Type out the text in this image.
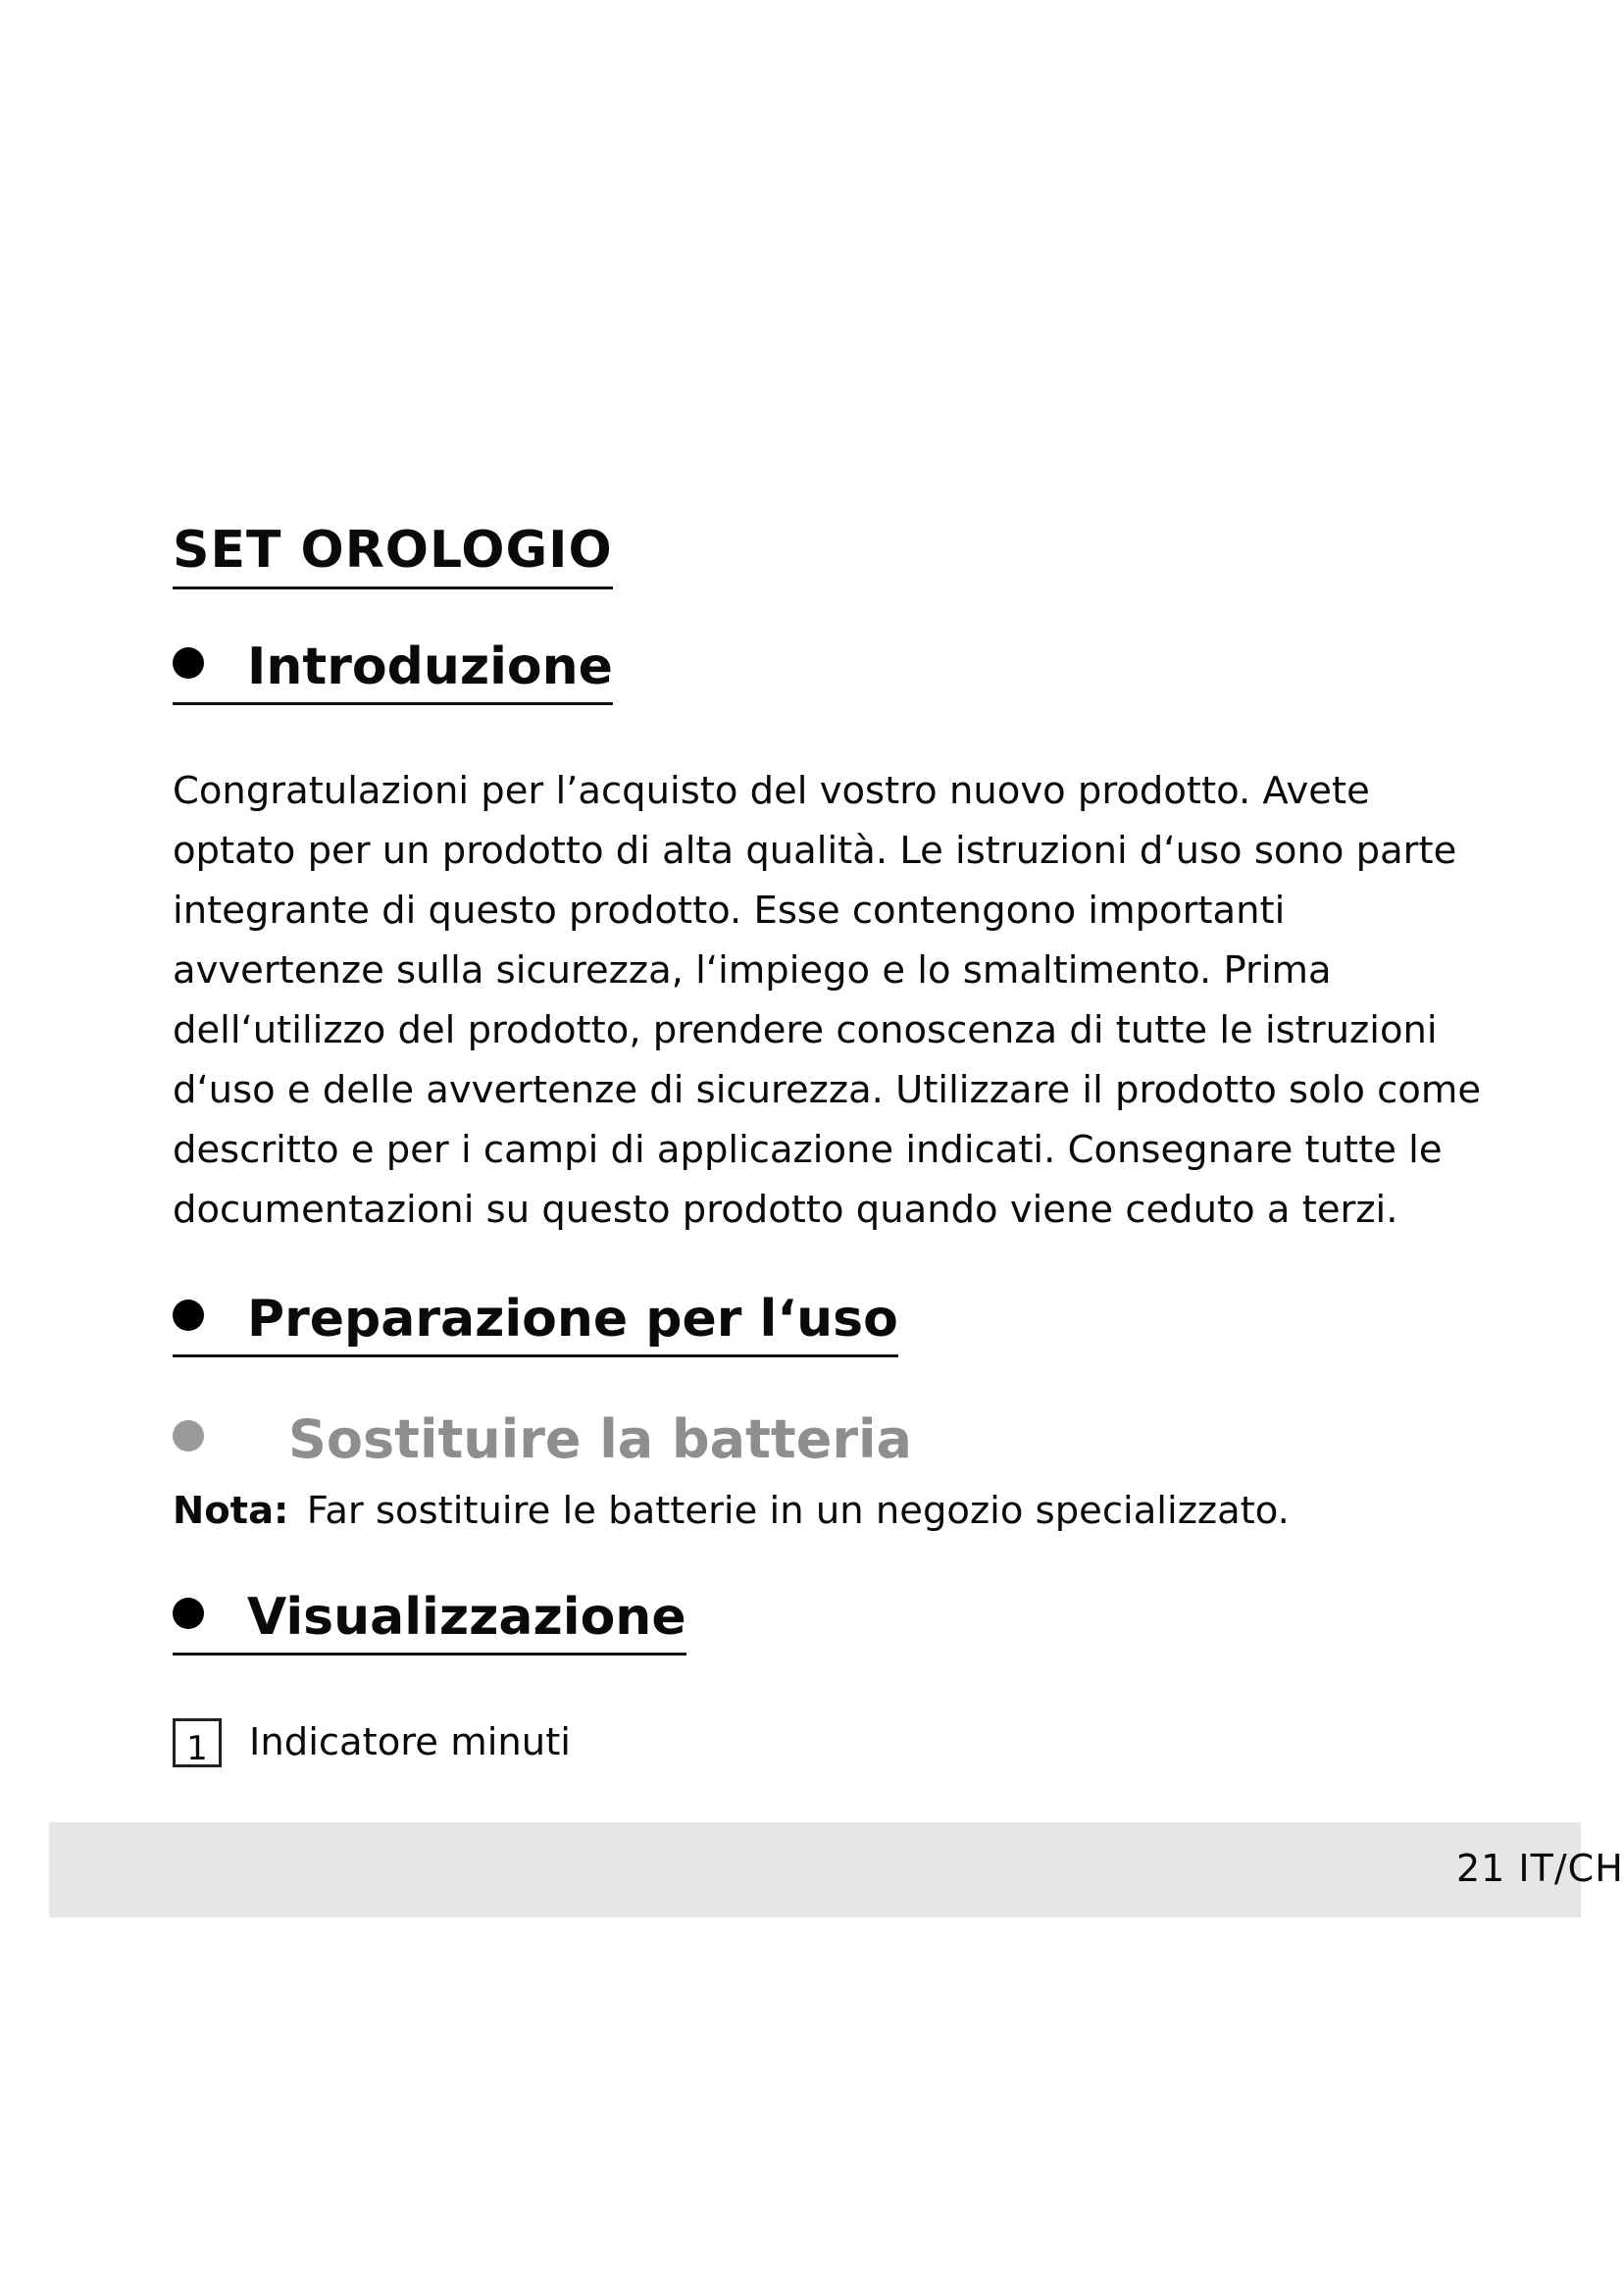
SET OROLOGIO
Introduzione

Congratulazioni per l’acquisto del vostro nuovo prodotto. Avete optato per un prodotto di alta qualità. Le istruzioni d‘uso sono parte integrante di questo prodotto. Esse contengono importanti avvertenze sulla sicurezza, l‘impiego e lo smaltimento. Prima dell‘utilizzo del prodotto, prendere conoscenza di tutte le istruzioni d‘uso e delle avvertenze di sicurezza. Utilizzare il prodotto solo come descritto e per i campi di applicazione indicati. Consegnare tutte le documentazioni su questo prodotto quando viene ceduto a terzi.

Preparazione per l‘uso
Sostituire la batteria

Nota: Far sostituire le batterie in un negozio specializzato.

Visualizzazione
1	Indicatore minuti
21 IT/CH
